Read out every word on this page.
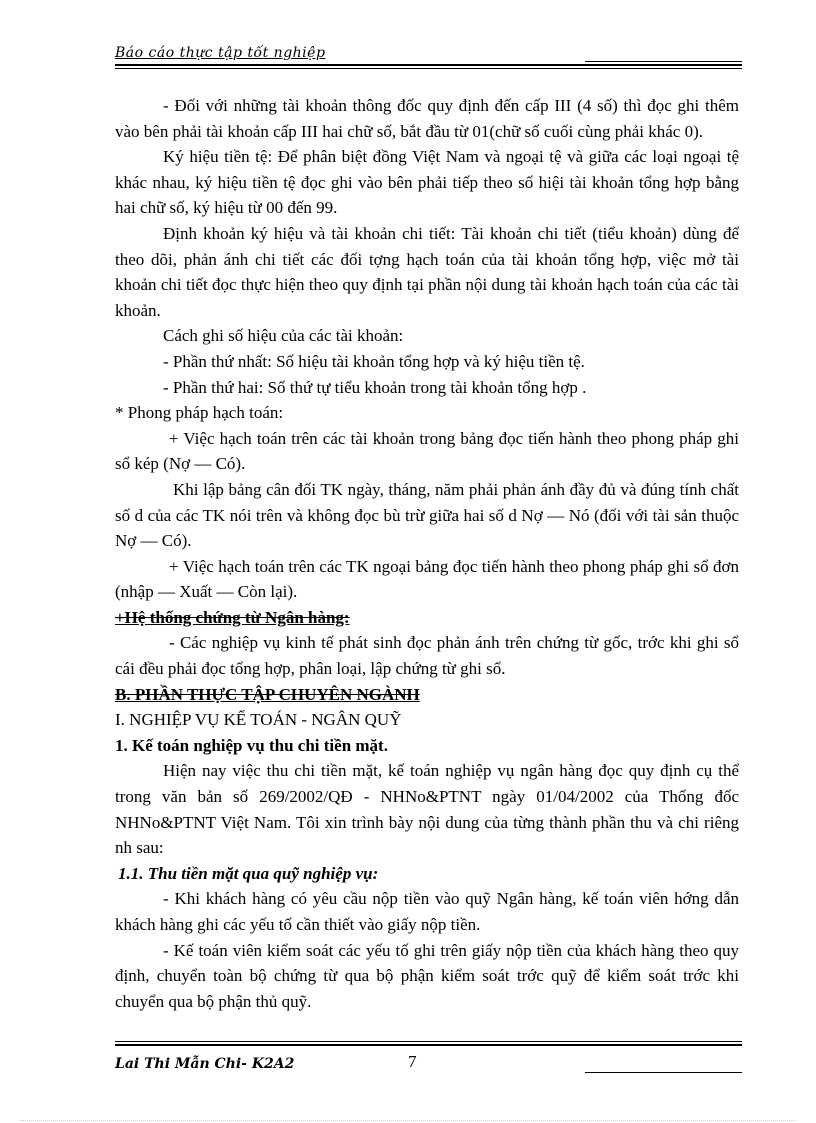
Báo cáo thực tập tốt nghiệp

- Đối với những tài khoản thông đốc quy định đến cấp III (4 số) thì đọc ghi thêm vào bên phải tài khoản cấp III hai chữ số, bắt đầu từ 01(chữ số cuối cùng phải khác 0).

Ký hiệu tiền tệ: Để phân biệt đồng Việt Nam và ngoại tệ và giữa các loại ngoại tệ khác nhau, ký hiệu tiền tệ đọc ghi vào bên phải tiếp theo số hiệi tài khoản tổng hợp bằng hai chữ số, ký hiệu từ 00 đến 99.

Định khoản ký hiệu và tài khoản chi tiết: Tài khoản chi tiết (tiểu khoản) dùng để theo dõi, phản ánh chi tiết các đối tợng hạch toán của tài khoản tổng hợp, việc mở tài khoản chi tiết đọc thực hiện theo quy định tại phần nội dung tài khoản hạch toán của các tài khoản.

Cách ghi số hiệu của các tài khoản:

- Phần thứ nhất: Số hiệu tài khoản tổng hợp và ký hiệu tiền tệ.

- Phần thứ hai: Số thứ tự tiểu khoản trong tài khoản tổng hợp .

* Phong pháp hạch toán:

+ Việc hạch toán trên các tài khoản trong bảng đọc tiến hành theo phong pháp ghi sổ kép (Nợ — Có).

Khi lập bảng cân đối TK ngày, tháng, năm phải phản ánh đầy đủ và đúng tính chất số d của các TK nói trên và không đọc bù trừ giữa hai số d Nợ — Nó (đối với tài sản thuộc Nợ — Có).

+ Việc hạch toán trên các TK ngoại bảng đọc tiến hành theo phong pháp ghi sổ đơn (nhập — Xuất — Còn lại).

+Hệ thống chứng từ Ngân hàng:

- Các nghiệp vụ kinh tế phát sinh đọc phản ánh trên chứng từ gốc, trớc khi ghi sổ cái đều phải đọc tổng hợp, phân loại, lập chứng từ ghi sổ.

B. PHẦN THỰC TẬP CHUYÊN NGÀNH

I. NGHIỆP VỤ KẾ TOÁN - NGÂN QUỸ

1. Kế toán nghiệp vụ thu chi tiền mặt.

Hiện nay việc thu chi tiền mặt, kế toán nghiệp vụ ngân hàng đọc quy định cụ thể trong văn bản số 269/2002/QĐ - NHNo&PTNT ngày 01/04/2002 của Thống đốc NHNo&PTNT Việt Nam. Tôi xin trình bày nội dung của từng thành phần thu và chi riêng nh sau:

1.1. Thu tiền mặt qua quỹ nghiệp vụ:

- Khi khách hàng có yêu cầu nộp tiền vào quỹ Ngân hàng, kế toán viên hớng dẫn khách hàng ghi các yếu tố cần thiết vào giấy nộp tiền.

- Kế toán viên kiểm soát các yếu tố ghi trên giấy nộp tiền của khách hàng theo quy định, chuyển toàn bộ chứng từ qua bộ phận kiểm soát trớc quỹ để kiểm soát trớc khi chuyển qua bộ phận thủ quỹ.

Lai Thi Mẫn Chi- K2A2	7
